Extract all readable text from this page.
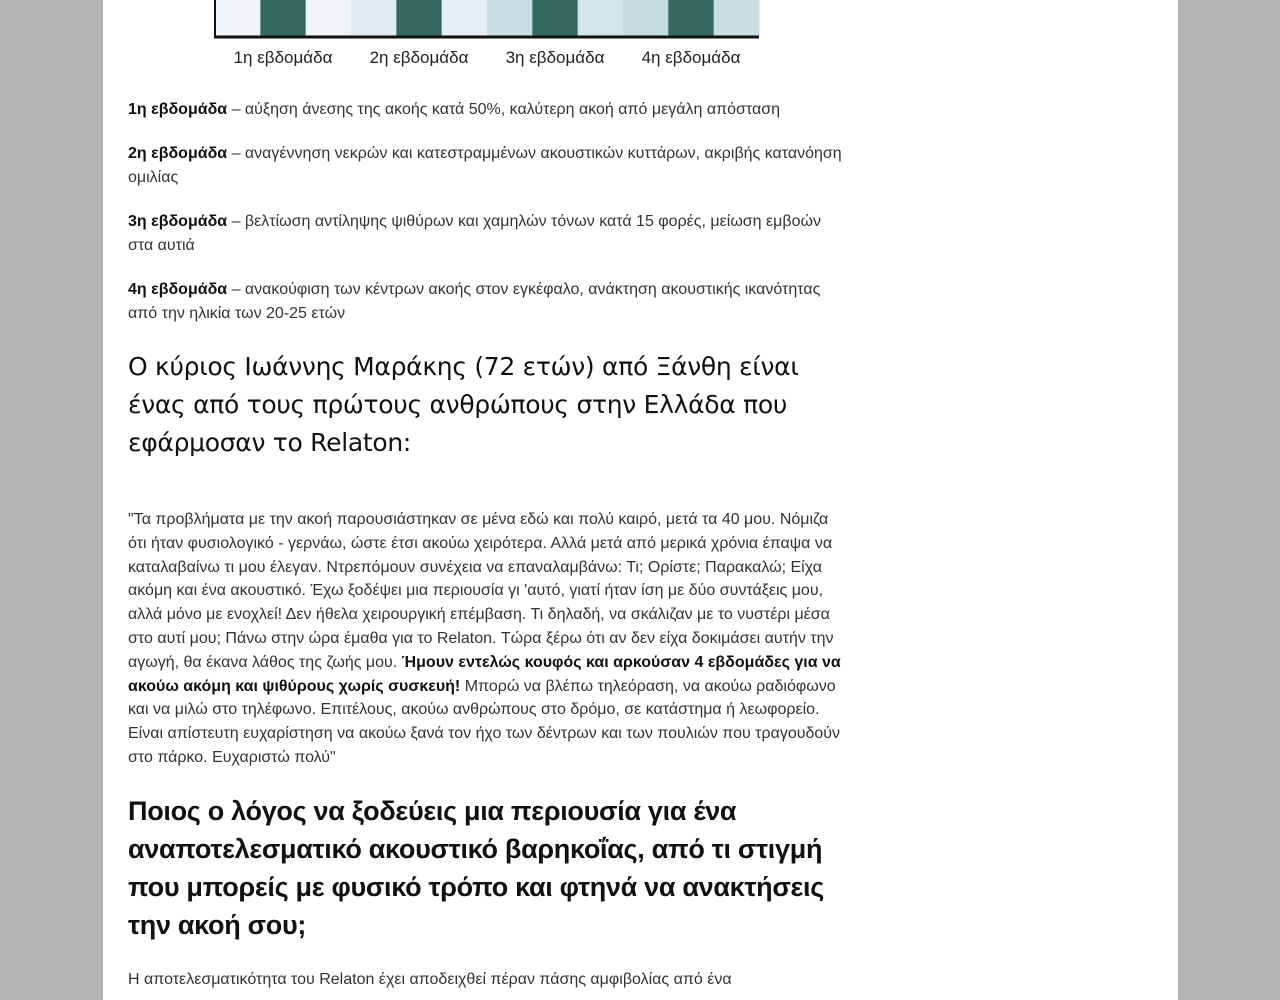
1η εβδομάδα 2η εβδομάδα 3η εβδομάδα 4η εβδομάδα

1η εβδομάδα – αύξηση άνεσης της ακοής κατά 50%, καλύτερη ακοή από μεγάλη απόσταση

2η εβδομάδα – αναγέννηση νεκρών και κατεστραμμένων ακουστικών κυττάρων, ακριβής κατανόηση ομιλίας

3η εβδομάδα – βελτίωση αντίληψης ψιθύρων και χαμηλών τόνων κατά 15 φορές, μείωση εμβοών στα αυτιά

4η εβδομάδα – ανακούφιση των κέντρων ακοής στον εγκέφαλο, ανάκτηση ακουστικής ικανότητας από την ηλικία των 20-25 ετών

Ο κύριος Ιωάννης Μαράκης (72 ετών) από Ξάνθη είναι ένας από τους πρώτους ανθρώπους στην Ελλάδα που εφάρμοσαν το Relaton:

"Τα προβλήματα με την ακοή παρουσιάστηκαν σε μένα εδώ και πολύ καιρό, μετά τα 40 μου. Νόμιζα ότι ήταν φυσιολογικό - γερνάω, ώστε έτσι ακούω χειρότερα. Αλλά μετά από μερικά χρόνια έπαψα να καταλαβαίνω τι μου έλεγαν. Ντρεπόμουν συνέχεια να επαναλαμβάνω: Τι; Ορίστε; Παρακαλώ; Είχα ακόμη και ένα ακουστικό. Έχω ξοδέψει μια περιουσία γι 'αυτό, γιατί ήταν ίση με δύο συντάξεις μου, αλλά μόνο με ενοχλεί! Δεν ήθελα χειρουργική επέμβαση. Τι δηλαδή, να σκάλιζαν με το νυστέρι μέσα στο αυτί μου; Πάνω στην ώρα έμαθα για το Relaton. Τώρα ξέρω ότι αν δεν είχα δοκιμάσει αυτήν την αγωγή, θα έκανα λάθος της ζωής μου. Ήμουν εντελώς κουφός και αρκούσαν 4 εβδομάδες για να ακούω ακόμη και ψιθύρους χωρίς συσκευή! Μπορώ να βλέπω τηλεόραση, να ακούω ραδιόφωνο και να μιλώ στο τηλέφωνο. Επιτέλους, ακούω ανθρώπους στο δρόμο, σε κατάστημα ή λεωφορείο. Είναι απίστευτη ευχαρίστηση να ακούω ξανά τον ήχο των δέντρων και των πουλιών που τραγουδούν στο πάρκο. Ευχαριστώ πολύ"

Ποιος ο λόγος να ξοδεύεις μια περιουσία για ένα αναποτελεσματικό ακουστικό βαρηκοΐας, από τι στιγμή που μπορείς με φυσικό τρόπο και φτηνά να ανακτήσεις την ακοή σου;

Η αποτελεσματικότητα του Relaton έχει αποδειχθεί πέραν πάσης αμφιβολίας από ένα
